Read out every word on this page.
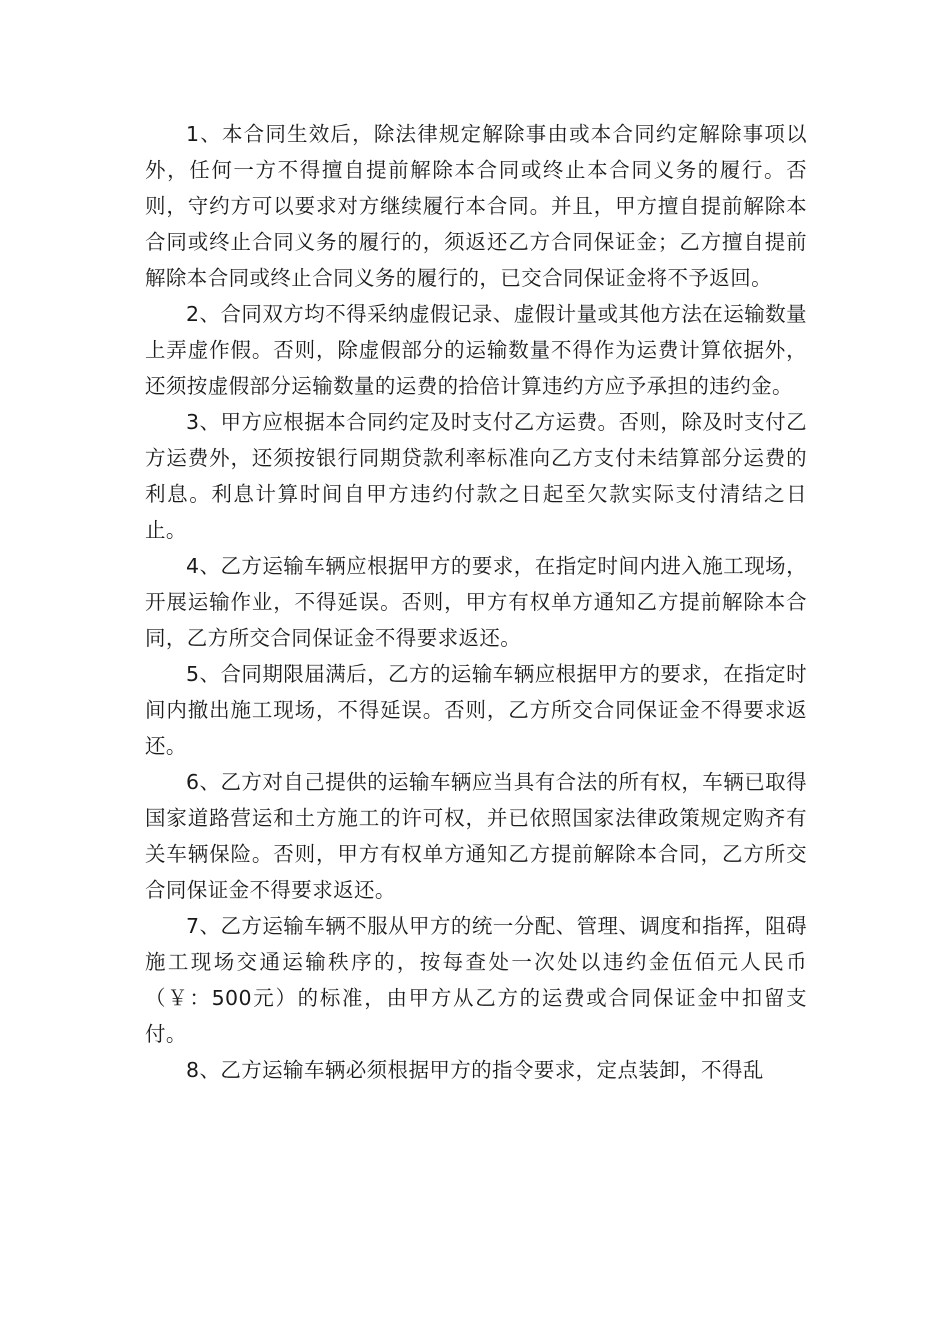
1、本合同生效后，除法律规定解除事由或本合同约定解除事项以外，任何一方不得擅自提前解除本合同或终止本合同义务的履行。否则，守约方可以要求对方继续履行本合同。并且，甲方擅自提前解除本合同或终止合同义务的履行的，须返还乙方合同保证金；乙方擅自提前解除本合同或终止合同义务的履行的，已交合同保证金将不予返回。

2、合同双方均不得采纳虚假记录、虚假计量或其他方法在运输数量上弄虚作假。否则，除虚假部分的运输数量不得作为运费计算依据外，还须按虚假部分运输数量的运费的拾倍计算违约方应予承担的违约金。

3、甲方应根据本合同约定及时支付乙方运费。否则，除及时支付乙方运费外，还须按银行同期贷款利率标准向乙方支付未结算部分运费的利息。利息计算时间自甲方违约付款之日起至欠款实际支付清结之日止。

4、乙方运输车辆应根据甲方的要求，在指定时间内进入施工现场，开展运输作业，不得延误。否则，甲方有权单方通知乙方提前解除本合同，乙方所交合同保证金不得要求返还。

5、合同期限届满后，乙方的运输车辆应根据甲方的要求，在指定时间内撤出施工现场，不得延误。否则，乙方所交合同保证金不得要求返还。

6、乙方对自己提供的运输车辆应当具有合法的所有权，车辆已取得国家道路营运和土方施工的许可权，并已依照国家法律政策规定购齐有关车辆保险。否则，甲方有权单方通知乙方提前解除本合同，乙方所交合同保证金不得要求返还。

7、乙方运输车辆不服从甲方的统一分配、管理、调度和指挥，阻碍施工现场交通运输秩序的，按每查处一次处以违约金伍佰元人民币（￥：500元）的标准，由甲方从乙方的运费或合同保证金中扣留支付。

8、乙方运输车辆必须根据甲方的指令要求，定点装卸，不得乱
